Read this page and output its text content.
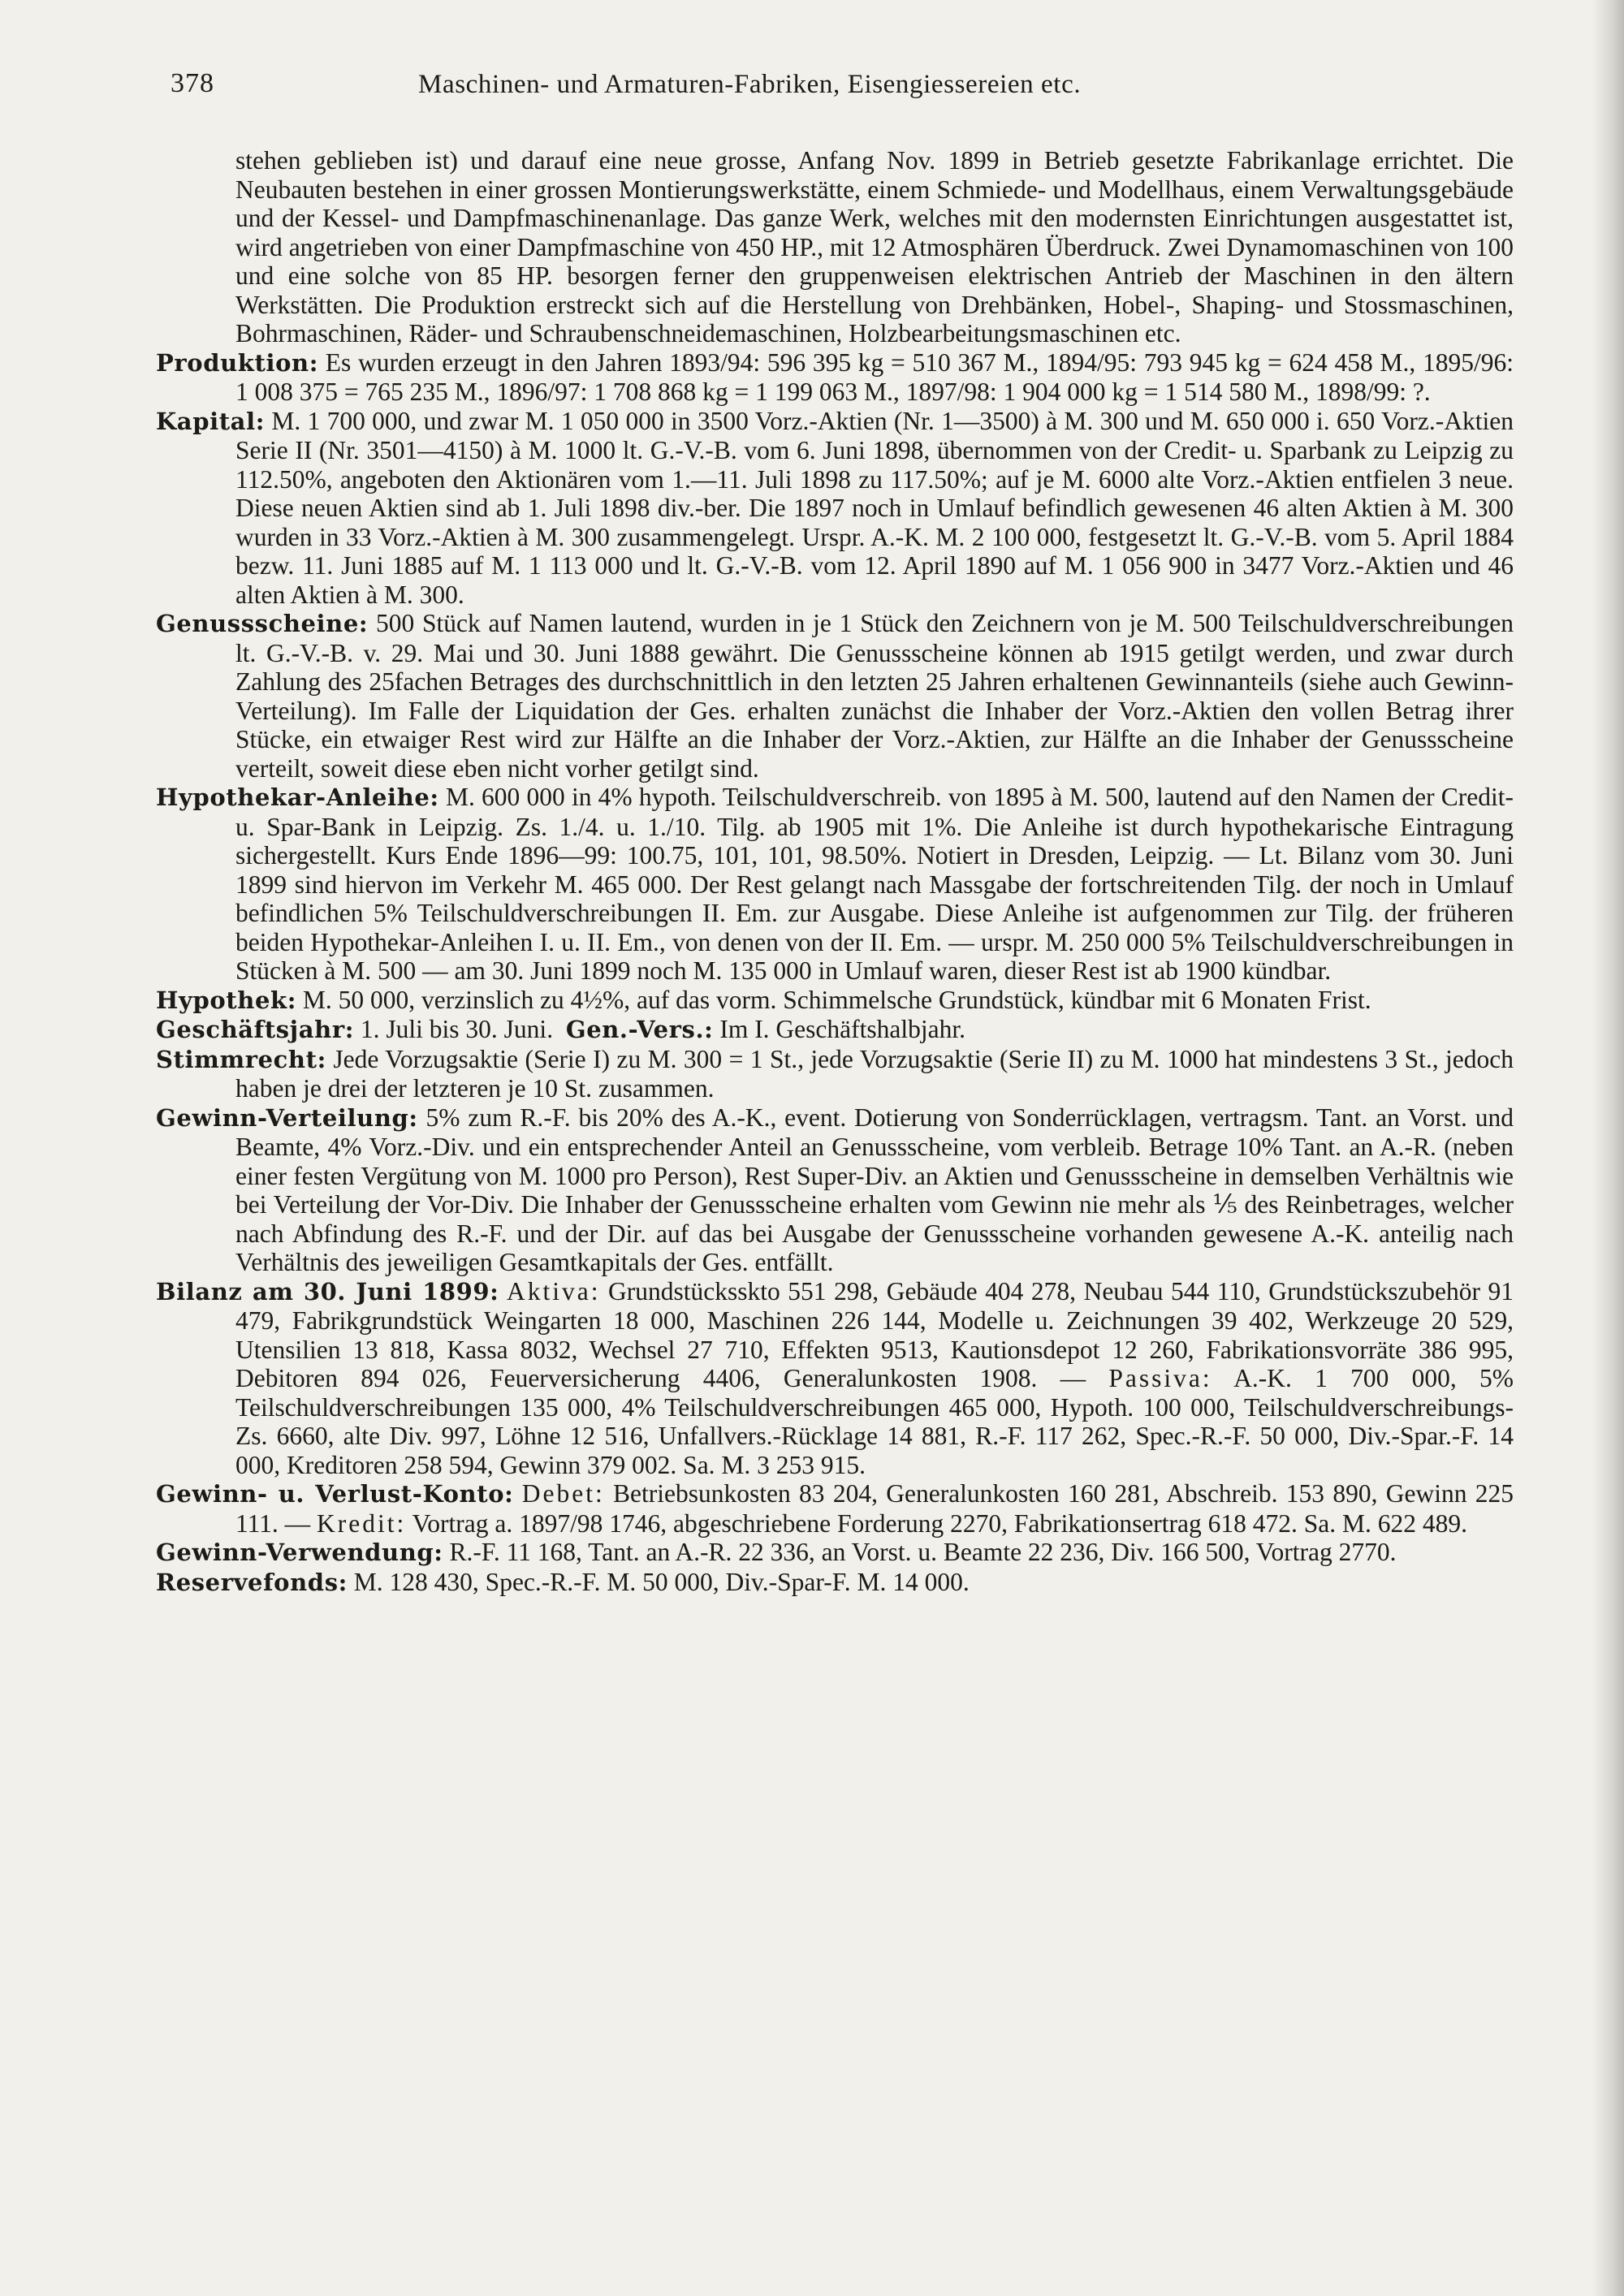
378	Maschinen- und Armaturen-Fabriken, Eisengiessereien etc.

stehen geblieben ist) und darauf eine neue grosse, Anfang Nov. 1899 in Betrieb gesetzte Fabrikanlage errichtet. Die Neubauten bestehen in einer grossen Montierungswerkstätte, einem Schmiede- und Modellhaus, einem Verwaltungsgebäude und der Kessel- und Dampfmaschinenanlage. Das ganze Werk, welches mit den modernsten Einrichtungen ausgestattet ist, wird angetrieben von einer Dampfmaschine von 450 HP., mit 12 Atmosphären Überdruck. Zwei Dynamomaschinen von 100 und eine solche von 85 HP. besorgen ferner den gruppenweisen elektrischen Antrieb der Maschinen in den ältern Werkstätten. Die Produktion erstreckt sich auf die Herstellung von Drehbänken, Hobel-, Shaping- und Stossmaschinen, Bohrmaschinen, Räder- und Schraubenschneidemaschinen, Holzbearbeitungsmaschinen etc.

Produktion: Es wurden erzeugt in den Jahren 1893/94: 596 395 kg = 510 367 M., 1894/95: 793 945 kg = 624 458 M., 1895/96: 1 008 375 = 765 235 M., 1896/97: 1 708 868 kg = 1 199 063 M., 1897/98: 1 904 000 kg = 1 514 580 M., 1898/99: ?.

Kapital: M. 1 700 000, und zwar M. 1 050 000 in 3500 Vorz.-Aktien (Nr. 1—3500) à M. 300 und M. 650 000 i. 650 Vorz.-Aktien Serie II (Nr. 3501—4150) à M. 1000 lt. G.-V.-B. vom 6. Juni 1898, übernommen von der Credit- u. Sparbank zu Leipzig zu 112.50%, angeboten den Aktionären vom 1.—11. Juli 1898 zu 117.50%; auf je M. 6000 alte Vorz.-Aktien entfielen 3 neue. Diese neuen Aktien sind ab 1. Juli 1898 div.-ber. Die 1897 noch in Umlauf befindlich gewesenen 46 alten Aktien à M. 300 wurden in 33 Vorz.-Aktien à M. 300 zusammengelegt. Urspr. A.-K. M. 2 100 000, festgesetzt lt. G.-V.-B. vom 5. April 1884 bezw. 11. Juni 1885 auf M. 1 113 000 und lt. G.-V.-B. vom 12. April 1890 auf M. 1 056 900 in 3477 Vorz.-Aktien und 46 alten Aktien à M. 300.

Genussscheine: 500 Stück auf Namen lautend, wurden in je 1 Stück den Zeichnern von je M. 500 Teilschuldverschreibungen lt. G.-V.-B. v. 29. Mai und 30. Juni 1888 gewährt. Die Genussscheine können ab 1915 getilgt werden, und zwar durch Zahlung des 25fachen Betrages des durchschnittlich in den letzten 25 Jahren erhaltenen Gewinnanteils (siehe auch Gewinn-Verteilung). Im Falle der Liquidation der Ges. erhalten zunächst die Inhaber der Vorz.-Aktien den vollen Betrag ihrer Stücke, ein etwaiger Rest wird zur Hälfte an die Inhaber der Vorz.-Aktien, zur Hälfte an die Inhaber der Genussscheine verteilt, soweit diese eben nicht vorher getilgt sind.

Hypothekar-Anleihe: M. 600 000 in 4% hypoth. Teilschuldverschreib. von 1895 à M. 500, lautend auf den Namen der Credit- u. Spar-Bank in Leipzig. Zs. 1./4. u. 1./10. Tilg. ab 1905 mit 1%. Die Anleihe ist durch hypothekarische Eintragung sichergestellt. Kurs Ende 1896—99: 100.75, 101, 101, 98.50%. Notiert in Dresden, Leipzig. — Lt. Bilanz vom 30. Juni 1899 sind hiervon im Verkehr M. 465 000. Der Rest gelangt nach Massgabe der fortschreitenden Tilg. der noch in Umlauf befindlichen 5% Teilschuldverschreibungen II. Em. zur Ausgabe. Diese Anleihe ist aufgenommen zur Tilg. der früheren beiden Hypothekar-Anleihen I. u. II. Em., von denen von der II. Em. — urspr. M. 250 000 5% Teilschuldverschreibungen in Stücken à M. 500 — am 30. Juni 1899 noch M. 135 000 in Umlauf waren, dieser Rest ist ab 1900 kündbar.

Hypothek: M. 50 000, verzinslich zu 4½%, auf das vorm. Schimmelsche Grundstück, kündbar mit 6 Monaten Frist.

Geschäftsjahr: 1. Juli bis 30. Juni. Gen.-Vers.: Im I. Geschäftshalbjahr.

Stimmrecht: Jede Vorzugsaktie (Serie I) zu M. 300 = 1 St., jede Vorzugsaktie (Serie II) zu M. 1000 hat mindestens 3 St., jedoch haben je drei der letzteren je 10 St. zusammen.

Gewinn-Verteilung: 5% zum R.-F. bis 20% des A.-K., event. Dotierung von Sonderrücklagen, vertragsm. Tant. an Vorst. und Beamte, 4% Vorz.-Div. und ein entsprechender Anteil an Genussscheine, vom verbleib. Betrage 10% Tant. an A.-R. (neben einer festen Vergütung von M. 1000 pro Person), Rest Super-Div. an Aktien und Genussscheine in demselben Verhältnis wie bei Verteilung der Vor-Div. Die Inhaber der Genussscheine erhalten vom Gewinn nie mehr als ⅕ des Reinbetrages, welcher nach Abfindung des R.-F. und der Dir. auf das bei Ausgabe der Genussscheine vorhanden gewesene A.-K. anteilig nach Verhältnis des jeweiligen Gesamtkapitals der Ges. entfällt.

Bilanz am 30. Juni 1899: Aktiva: Grundstücksskto 551 298, Gebäude 404 278, Neubau 544 110, Grundstückszubehör 91 479, Fabrikgrundstück Weingarten 18 000, Maschinen 226 144, Modelle u. Zeichnungen 39 402, Werkzeuge 20 529, Utensilien 13 818, Kassa 8032, Wechsel 27 710, Effekten 9513, Kautionsdepot 12 260, Fabrikationsvorräte 386 995, Debitoren 894 026, Feuerversicherung 4406, Generalunkosten 1908. — Passiva: A.-K. 1 700 000, 5% Teilschuldverschreibungen 135 000, 4% Teilschuldverschreibungen 465 000, Hypoth. 100 000, Teilschuldverschreibungs-Zs. 6660, alte Div. 997, Löhne 12 516, Unfallvers.-Rücklage 14 881, R.-F. 117 262, Spec.-R.-F. 50 000, Div.-Spar.-F. 14 000, Kreditoren 258 594, Gewinn 379 002. Sa. M. 3 253 915.

Gewinn- u. Verlust-Konto: Debet: Betriebsunkosten 83 204, Generalunkosten 160 281, Abschreib. 153 890, Gewinn 225 111. — Kredit: Vortrag a. 1897/98 1746, abgeschriebene Forderung 2270, Fabrikationsertrag 618 472. Sa. M. 622 489.

Gewinn-Verwendung: R.-F. 11 168, Tant. an A.-R. 22 336, an Vorst. u. Beamte 22 236, Div. 166 500, Vortrag 2770.

Reservefonds: M. 128 430, Spec.-R.-F. M. 50 000, Div.-Spar-F. M. 14 000.
